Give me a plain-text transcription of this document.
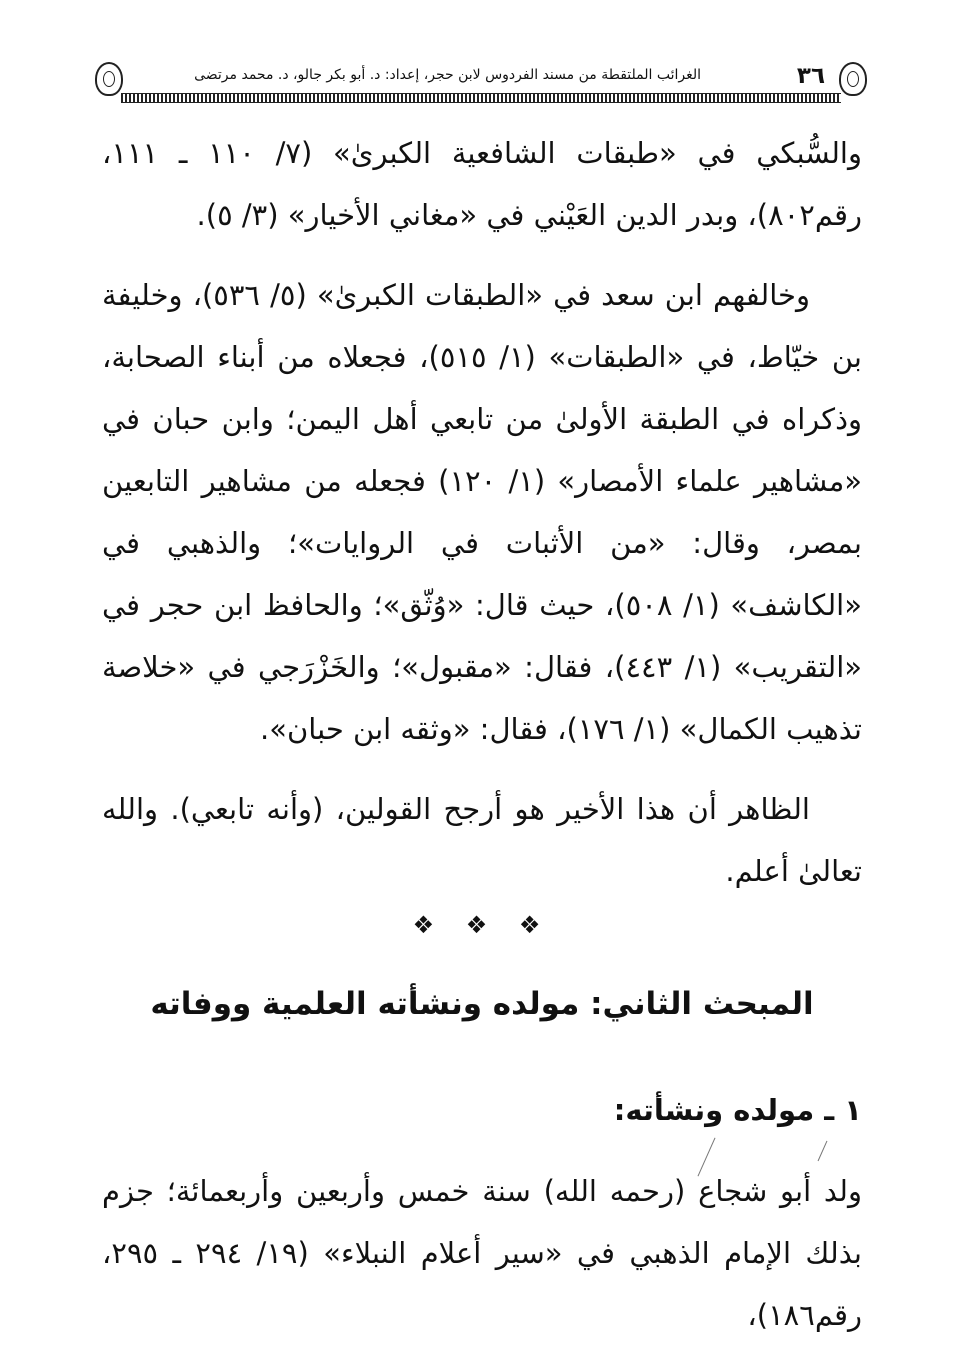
٣٦
الغرائب الملتقطة من مسند الفردوس لابن حجر، إعداد: د. أبو بكر جالو، د. محمد مرتضى

والسُّبكي في «طبقات الشافعية الكبرىٰ» (٧/ ١١٠ ـ ١١١، رقم٨٠٢)، وبدر الدين العَيْني في «مغاني الأخيار» (٣/ ٥).

وخالفهم ابن سعد في «الطبقات الكبرىٰ» (٥/ ٥٣٦)، وخليفة بن خيّاط، في «الطبقات» (١/ ٥١٥)، فجعلاه من أبناء الصحابة، وذكراه في الطبقة الأولىٰ من تابعي أهل اليمن؛ وابن حبان في «مشاهير علماء الأمصار» (١/ ١٢٠) فجعله من مشاهير التابعين بمصر، وقال: «من الأثبات في الروايات»؛ والذهبي في «الكاشف» (١/ ٥٠٨)، حيث قال: «وُثّق»؛ والحافظ ابن حجر في «التقريب» (١/ ٤٤٣)، فقال: «مقبول»؛ والخَزْرَجي في «خلاصة تذهيب الكمال» (١/ ١٧٦)، فقال: «وثقه ابن حبان».

الظاهر أن هذا الأخير هو أرجح القولين، (وأنه تابعي). والله تعالىٰ أعلم.

❖ ❖ ❖
المبحث الثاني: مولده ونشأته العلمية ووفاته
١ ـ مولده ونشأته:
ولد أبو شجاع (رحمه الله) سنة خمس وأربعين وأربعمائة؛ جزم بذلك الإمام الذهبي في «سير أعلام النبلاء» (١٩/ ٢٩٤ ـ ٢٩٥، رقم١٨٦)،
